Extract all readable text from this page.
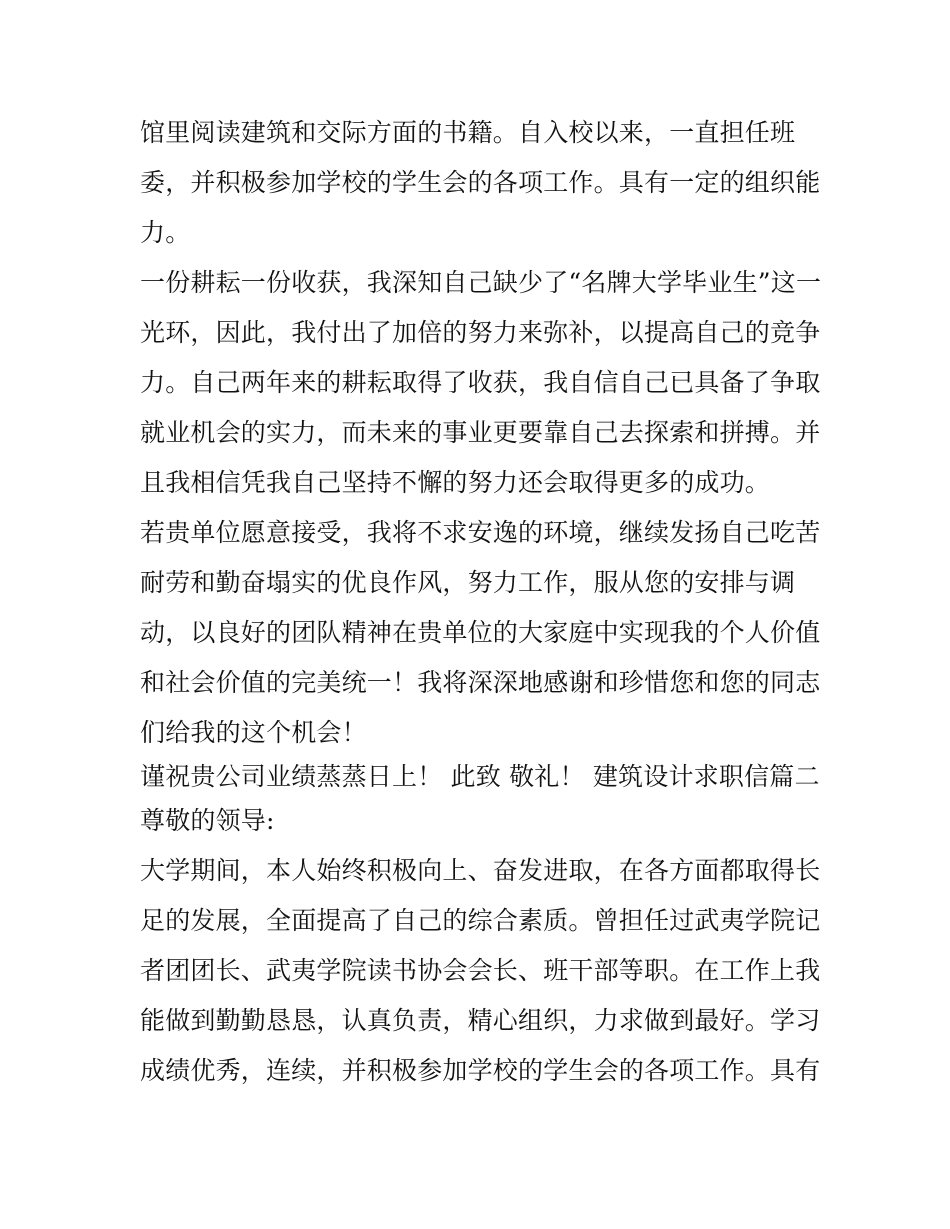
馆里阅读建筑和交际方面的书籍。自入校以来，一直担任班
委，并积极参加学校的学生会的各项工作。具有一定的组织能
力。
一份耕耘一份收获，我深知自己缺少了“名牌大学毕业生”这一
光环，因此，我付出了加倍的努力来弥补，以提高自己的竞争
力。自己两年来的耕耘取得了收获，我自信自己已具备了争取
就业机会的实力，而未来的事业更要靠自己去探索和拼搏。并
且我相信凭我自己坚持不懈的努力还会取得更多的成功。
若贵单位愿意接受，我将不求安逸的环境，继续发扬自己吃苦
耐劳和勤奋塌实的优良作风，努力工作，服从您的安排与调
动，以良好的团队精神在贵单位的大家庭中实现我的个人价值
和社会价值的完美统一！我将深深地感谢和珍惜您和您的同志
们给我的这个机会！
谨祝贵公司业绩蒸蒸日上！ 此致 敬礼！ 建筑设计求职信篇二
尊敬的领导:
大学期间，本人始终积极向上、奋发进取，在各方面都取得长
足的发展，全面提高了自己的综合素质。曾担任过武夷学院记
者团团长、武夷学院读书协会会长、班干部等职。在工作上我
能做到勤勤恳恳，认真负责，精心组织，力求做到最好。学习
成绩优秀，连续，并积极参加学校的学生会的各项工作。具有
